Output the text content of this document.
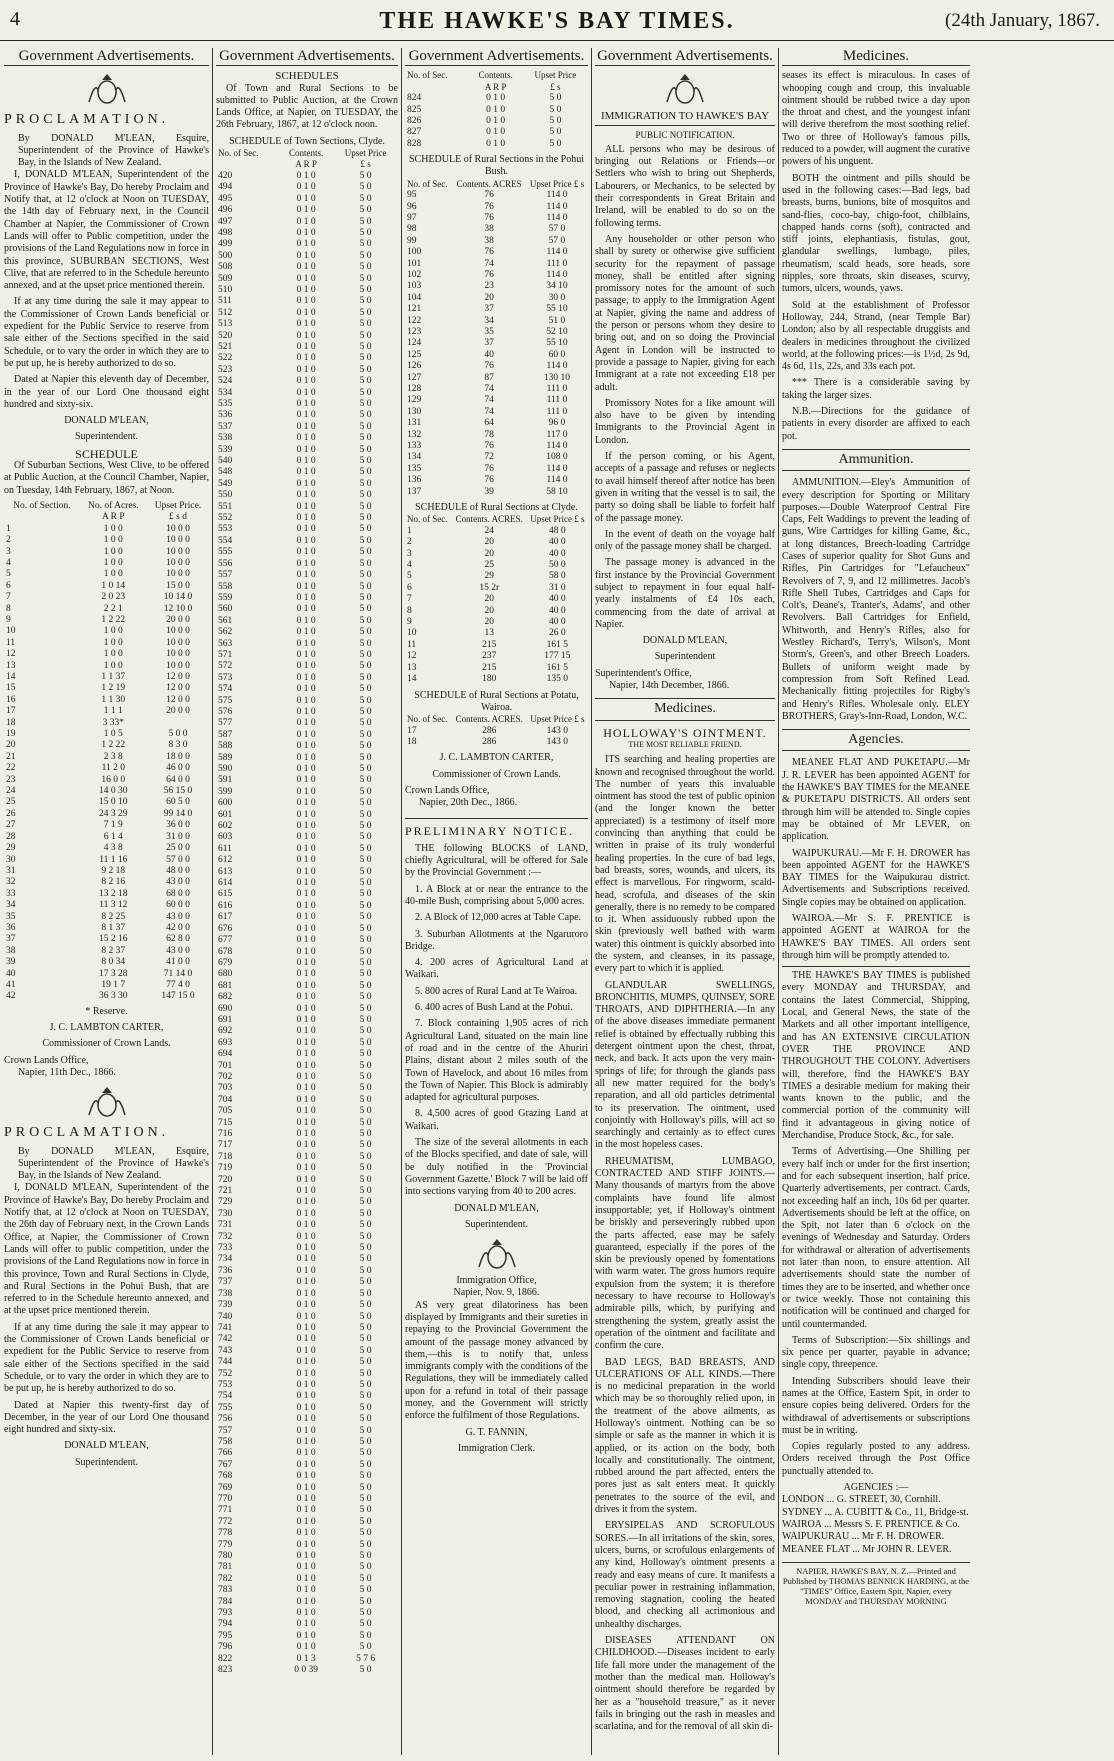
4	THE HAWKE'S BAY TIMES.	(24th January, 1867.
Government Advertisements.
PROCLAMATION.
By DONALD M'LEAN, Esquire, Superintendent of the Province of Hawke's Bay, in the Islands of New Zealand.

I, DONALD M'LEAN, Superintendent of the Province of Hawke's Bay, Do hereby Proclaim and Notify that, at 12 o'clock at Noon on TUESDAY, the 14th day of February next, in the Council Chamber at Napier, the Commissioner of Crown Lands will offer to Public competition, under the provisions of the Land Regulations now in force in this province, SUBURBAN SECTIONS, West Clive, that are referred to in the Schedule hereunto annexed, and at the upset price mentioned therein.

If at any time during the sale it may appear to the Commissioner of Crown Lands beneficial or expedient for the Public Service to reserve from sale either of the Sections specified in the said Schedule, or to vary the order in which they are to be put up, he is hereby authorized to do so.

Dated at Napier this eleventh day of December, in the year of our Lord One thousand eight hundred and sixty-six.

DONALD M'LEAN,
Superintendent.
SCHEDULE

Of Suburban Sections, West Clive, to be offered at Public Auction, at the Council Chamber, Napier, on Tuesday, 14th February, 1867, at Noon.

No. of Section.	No. of Acres.	Upset Price.
	A R P	£ s d
1	1 0 0	10 0 0
2	1 0 0	10 0 0
3	1 0 0	10 0 0
4	1 0 0	10 0 0
5	1 0 0	10 0 0
6	1 0 14	15 0 0
7	2 0 23	10 14 0
8	2 2 1	12 10 0
9	1 2 22	20 0 0
10	1 0 0	10 0 0
11	1 0 0	10 0 0
12	1 0 0	10 0 0
13	1 0 0	10 0 0
14	1 1 37	12 0 0
15	1 2 19	12 0 0
16	1 1 30	12 0 0
17	1 1 1	20 0 0
18	3 33*	
19	1 0 5	5 0 0
20	1 2 22	8 3 0
21	2 3 8	18 0 0
22	11 2 0	46 0 0
23	16 0 0	64 0 0
24	14 0 30	56 15 0
25	15 0 10	60 5 0
26	24 3 29	99 14 0
27	7 1 9	36 0 0
28	6 1 4	31 0 0
29	4 3 8	25 0 0
30	11 1 16	57 0 0
31	9 2 18	48 0 0
32	8 2 16	43 0 0
33	13 2 18	68 0 0
34	11 3 12	60 0 0
35	8 2 25	43 0 0
36	8 1 37	42 0 0
37	15 2 16	62 8 0
38	8 2 37	43 0 0
39	8 0 34	41 0 0
40	17 3 28	71 14 0
41	19 1 7	77 4 0
42	36 3 30	147 15 0
* Reserve.
J. C. LAMBTON CARTER,
Commissioner of Crown Lands.
Crown Lands Office,
Napier, 11th Dec., 1866.
PROCLAMATION.
By DONALD M'LEAN, Esquire, Superintendent of the Province of Hawke's Bay, in the Islands of New Zealand.

I, DONALD M'LEAN, Superintendent of the Province of Hawke's Bay, Do hereby Proclaim and Notify that, at 12 o'clock at Noon on TUESDAY, the 26th day of February next, in the Crown Lands Office, at Napier, the Commissioner of Crown Lands will offer to public competition, under the provisions of the Land Regulations now in force in this province, Town and Rural Sections in Clyde, and Rural Sections in the Pohui Bush, that are referred to in the Schedule hereunto annexed, and at the upset price mentioned therein.

If at any time during the sale it may appear to the Commissioner of Crown Lands beneficial or expedient for the Public Service to reserve from sale either of the Sections specified in the said Schedule, or to vary the order in which they are to be put up, he is hereby authorized to do so.

Dated at Napier this twenty-first day of December, in the year of our Lord One thousand eight hundred and sixty-six.

DONALD M'LEAN,
Superintendent.
Government Advertisements.
SCHEDULES

Of Town and Rural Sections to be submitted to Public Auction, at the Crown Lands Office, at Napier, on TUESDAY, the 26th February, 1867, at 12 o'clock noon.

SCHEDULE of Town Sections, Clyde.
No. of Sec.	Contents.	Upset Price
	A R P	£ s
420	0 1 0	5 0
494	0 1 0	5 0
495	0 1 0	5 0
496	0 1 0	5 0
497	0 1 0	5 0
498	0 1 0	5 0
499	0 1 0	5 0
500	0 1 0	5 0
508	0 1 0	5 0
509	0 1 0	5 0
510	0 1 0	5 0
511	0 1 0	5 0
512	0 1 0	5 0
513	0 1 0	5 0
520	0 1 0	5 0
521	0 1 0	5 0
522	0 1 0	5 0
523	0 1 0	5 0
524	0 1 0	5 0
534	0 1 0	5 0
535	0 1 0	5 0
536	0 1 0	5 0
537	0 1 0	5 0
538	0 1 0	5 0
539	0 1 0	5 0
540	0 1 0	5 0
548	0 1 0	5 0
549	0 1 0	5 0
550	0 1 0	5 0
551	0 1 0	5 0
552	0 1 0	5 0
553	0 1 0	5 0
554	0 1 0	5 0
555	0 1 0	5 0
556	0 1 0	5 0
557	0 1 0	5 0
558	0 1 0	5 0
559	0 1 0	5 0
560	0 1 0	5 0
561	0 1 0	5 0
562	0 1 0	5 0
563	0 1 0	5 0
571	0 1 0	5 0
572	0 1 0	5 0
573	0 1 0	5 0
574	0 1 0	5 0
575	0 1 0	5 0
576	0 1 0	5 0
577	0 1 0	5 0
587	0 1 0	5 0
588	0 1 0	5 0
589	0 1 0	5 0
590	0 1 0	5 0
591	0 1 0	5 0
599	0 1 0	5 0
600	0 1 0	5 0
601	0 1 0	5 0
602	0 1 0	5 0
603	0 1 0	5 0
611	0 1 0	5 0
612	0 1 0	5 0
613	0 1 0	5 0
614	0 1 0	5 0
615	0 1 0	5 0
616	0 1 0	5 0
617	0 1 0	5 0
676	0 1 0	5 0
677	0 1 0	5 0
678	0 1 0	5 0
679	0 1 0	5 0
680	0 1 0	5 0
681	0 1 0	5 0
682	0 1 0	5 0
690	0 1 0	5 0
691	0 1 0	5 0
692	0 1 0	5 0
693	0 1 0	5 0
694	0 1 0	5 0
701	0 1 0	5 0
702	0 1 0	5 0
703	0 1 0	5 0
704	0 1 0	5 0
705	0 1 0	5 0
715	0 1 0	5 0
716	0 1 0	5 0
717	0 1 0	5 0
718	0 1 0	5 0
719	0 1 0	5 0
720	0 1 0	5 0
721	0 1 0	5 0
729	0 1 0	5 0
730	0 1 0	5 0
731	0 1 0	5 0
732	0 1 0	5 0
733	0 1 0	5 0
734	0 1 0	5 0
736	0 1 0	5 0
737	0 1 0	5 0
738	0 1 0	5 0
739	0 1 0	5 0
740	0 1 0	5 0
741	0 1 0	5 0
742	0 1 0	5 0
743	0 1 0	5 0
744	0 1 0	5 0
752	0 1 0	5 0
753	0 1 0	5 0
754	0 1 0	5 0
755	0 1 0	5 0
756	0 1 0	5 0
757	0 1 0	5 0
758	0 1 0	5 0
766	0 1 0	5 0
767	0 1 0	5 0
768	0 1 0	5 0
769	0 1 0	5 0
770	0 1 0	5 0
771	0 1 0	5 0
772	0 1 0	5 0
778	0 1 0	5 0
779	0 1 0	5 0
780	0 1 0	5 0
781	0 1 0	5 0
782	0 1 0	5 0
783	0 1 0	5 0
784	0 1 0	5 0
793	0 1 0	5 0
794	0 1 0	5 0
795	0 1 0	5 0
796	0 1 0	5 0
822	0 1 3	5 7 6
823	0 0 39	5 0
Government Advertisements.
No. of Sec.	Contents.	Upset Price
	A R P	£ s
824	0 1 0	5 0
825	0 1 0	5 0
826	0 1 0	5 0
827	0 1 0	5 0
828	0 1 0	5 0
SCHEDULE of Rural Sections in the Pohui Bush.
No. of Sec.	Contents. ACRES	Upset Price £ s
95	76	114 0
96	76	114 0
97	76	114 0
98	38	57 0
99	38	57 0
100	76	114 0
101	74	111 0
102	76	114 0
103	23	34 10
104	20	30 0
121	37	55 10
122	34	51 0
123	35	52 10
124	37	55 10
125	40	60 0
126	76	114 0
127	87	130 10
128	74	111 0
129	74	111 0
130	74	111 0
131	64	96 0
132	78	117 0
133	76	114 0
134	72	108 0
135	76	114 0
136	76	114 0
137	39	58 10
SCHEDULE of Rural Sections at Clyde.
No. of Sec.	Contents. ACRES.	Upset Price £ s
1	24	48 0
2	20	40 0
3	20	40 0
4	25	50 0
5	29	58 0
6	15 2r	31 0
7	20	40 0
8	20	40 0
9	20	40 0
10	13	26 0
11	215	161 5
12	237	177 15
13	215	161 5
14	180	135 0
SCHEDULE of Rural Sections at Potatu, Wairoa.
No. of Sec.	Contents. ACRES.	Upset Price £ s
17	286	143 0
18	286	143 0
J. C. LAMBTON CARTER,
Commissioner of Crown Lands.
Crown Lands Office,
Napier, 20th Dec., 1866.
PRELIMINARY NOTICE.

THE following BLOCKS of LAND, chiefly Agricultural, will be offered for Sale by the Provincial Government :—

1. A Block at or near the entrance to the 40-mile Bush, comprising about 5,000 acres.

2. A Block of 12,000 acres at Table Cape.

3. Suburban Allotments at the Ngaruroro Bridge.

4. 200 acres of Agricultural Land at Waikari.

5. 800 acres of Rural Land at Te Wairoa.

6. 400 acres of Bush Land at the Pohui.

7. Block containing 1,905 acres of rich Agricultural Land, situated on the main line of road and in the centre of the Ahuriri Plains, distant about 2 miles south of the Town of Havelock, and about 16 miles from the Town of Napier. This Block is admirably adapted for agricultural purposes.

8. 4,500 acres of good Grazing Land at Waikari.

The size of the several allotments in each of the Blocks specified, and date of sale, will be duly notified in the 'Provincial Government Gazette.' Block 7 will be laid off into sections varying from 40 to 200 acres.

DONALD M'LEAN,
Superintendent.
Immigration Office,
Napier, Nov. 9, 1866.

AS very great dilatoriness has been displayed by Immigrants and their sureties in repaying to the Provincial Government the amount of the passage money advanced by them,—this is to notify that, unless immigrants comply with the conditions of the Regulations, they will be immediately called upon for a refund in total of their passage money, and the Government will strictly enforce the fulfilment of those Regulations.

G. T. FANNIN,
Immigration Clerk.
Government Advertisements.
IMMIGRATION TO HAWKE'S BAY
PUBLIC NOTIFICATION.

ALL persons who may be desirous of bringing out Relations or Friends—or Settlers who wish to bring out Shepherds, Labourers, or Mechanics, to be selected by their correspondents in Great Britain and Ireland, will be enabled to do so on the following terms.

Any householder or other person who shall by surety or otherwise give sufficient security for the repayment of passage money, shall be entitled after signing promissory notes for the amount of such passage, to apply to the Immigration Agent at Napier, giving the name and address of the person or persons whom they desire to bring out, and on so doing the Provincial Agent in London will be instructed to provide a passage to Napier, giving for each Immigrant at a rate not exceeding £18 per adult.

Promissory Notes for a like amount will also have to be given by intending Immigrants to the Provincial Agent in London.

If the person coming, or his Agent, accepts of a passage and refuses or neglects to avail himself thereof after notice has been given in writing that the vessel is to sail, the party so doing shall be liable to forfeit half of the passage money.

In the event of death on the voyage half only of the passage money shall be charged.

The passage money is advanced in the first instance by the Provincial Government subject to repayment in four equal half-yearly instalments of £4 10s each, commencing from the date of arrival at Napier.

DONALD M'LEAN,
Superintendent
Superintendent's Office,
Napier, 14th December, 1866.
Medicines.
HOLLOWAY'S OINTMENT.
THE MOST RELIABLE FRIEND.

ITS searching and healing properties are known and recognised throughout the world. The number of years this invaluable ointment has stood the test of public opinion (and the longer known the better appreciated) is a testimony of itself more convincing than anything that could be written in praise of its truly wonderful healing properties. In the cure of bad legs, bad breasts, sores, wounds, and ulcers, its effect is marvellous. For ringworm, scald-head, scrofula, and diseases of the skin generally, there is no remedy to be compared to it. When assiduously rubbed upon the skin (previously well bathed with warm water) this ointment is quickly absorbed into the system, and cleanses, in its passage, every part to which it is applied.

GLANDULAR SWELLINGS, BRONCHITIS, MUMPS, QUINSEY, SORE THROATS, AND DIPHTHERIA.—In any of the above diseases immediate permanent relief is obtained by effectually rubbing this detergent ointment upon the chest, throat, neck, and back. It acts upon the very main-springs of life; for through the glands pass all new matter required for the body's reparation, and all old particles detrimental to its preservation. The ointment, used conjointly with Holloway's pills, will act so searchingly and certainly as to effect cures in the most hopeless cases.

RHEUMATISM, LUMBAGO, CONTRACTED AND STIFF JOINTS.—Many thousands of martyrs from the above complaints have found life almost insupportable; yet, if Holloway's ointment be briskly and perseveringly rubbed upon the parts affected, ease may be safely guaranteed, especially if the pores of the skin be previously opened by fomentations with warm water. The gross humors require expulsion from the system; it is therefore necessary to have recourse to Holloway's admirable pills, which, by purifying and strengthening the system, greatly assist the operation of the ointment and facilitate and confirm the cure.

BAD LEGS, BAD BREASTS, AND ULCERATIONS OF ALL KINDS.—There is no medicinal preparation in the world which may be so thoroughly relied upon, in the treatment of the above ailments, as Holloway's ointment. Nothing can be so simple or safe as the manner in which it is applied, or its action on the body, both locally and constitutionally. The ointment, rubbed around the part affected, enters the pores just as salt enters meat. It quickly penetrates to the source of the evil, and drives it from the system.

ERYSIPELAS AND SCROFULOUS SORES.—In all irritations of the skin, sores, ulcers, burns, or scrofulous enlargements of any kind, Holloway's ointment presents a ready and easy means of cure. It manifests a peculiar power in restraining inflammation, removing stagnation, cooling the heated blood, and checking all acrimonious and unhealthy discharges.

DISEASES ATTENDANT ON CHILDHOOD.—Diseases incident to early life fall more under the management of the mother than the medical man. Holloway's ointment should therefore be regarded by her as a "household treasure," as it never fails in bringing out the rash in measles and scarlatina, and for the removal of all skin di-

Medicines.

seases its effect is miraculous. In cases of whooping cough and croup, this invaluable ointment should be rubbed twice a day upon the throat and chest, and the youngest infant will derive therefrom the most soothing relief. Two or three of Holloway's famous pills, reduced to a powder, will augment the curative powers of his unguent.

BOTH the ointment and pills should be used in the following cases:—Bad legs, bad breasts, burns, bunions, bite of mosquitos and sand-flies, coco-bay, chigo-foot, chilblains, chapped hands corns (soft), contracted and stiff joints, elephantiasis, fistulas, gout, glandular swellings, lumbago, piles, rheumatism, scald heads, sore heads, sore nipples, sore throats, skin diseases, scurvy, tumors, ulcers, wounds, yaws.

Sold at the establishment of Professor Holloway, 244, Strand, (near Temple Bar) London; also by all respectable druggists and dealers in medicines throughout the civilized world, at the following prices:—is 1½d, 2s 9d, 4s 6d, 11s, 22s, and 33s each pot.

*** There is a considerable saving by taking the larger sizes.

N.B.—Directions for the guidance of patients in every disorder are affixed to each pot.

Ammunition.

AMMUNITION.—Eley's Ammunition of every description for Sporting or Military purposes.—Double Waterproof Central Fire Caps, Felt Waddings to prevent the leading of guns, Wire Cartridges for killing Game, &c., at long distances, Breech-loading Cartridge Cases of superior quality for Shot Guns and Rifles, Pin Cartridges for "Lefaucheux" Revolvers of 7, 9, and 12 millimetres. Jacob's Rifle Shell Tubes, Cartridges and Caps for Colt's, Deane's, Tranter's, Adams', and other Revolvers. Ball Cartridges for Enfield, Whitworth, and Henry's Rifles, also for Westley Richard's, Terry's, Wilson's, Mont Storm's, Green's, and other Breech Loaders. Bullets of uniform weight made by compression from Soft Refined Lead. Mechanically fitting projectiles for Rigby's and Henry's Rifles. Wholesale only. ELEY BROTHERS, Gray's-Inn-Road, London, W.C.

Agencies.

MEANEE FLAT AND PUKETAPU.—Mr J. R. LEVER has been appointed AGENT for the HAWKE'S BAY TIMES for the MEANEE & PUKETAPU DISTRICTS. All orders sent through him will be attended to. Single copies may be obtained of Mr LEVER, on application.

WAIPUKURAU.—Mr F. H. DROWER has been appointed AGENT for the HAWKE'S BAY TIMES for the Waipukurau district. Advertisements and Subscriptions received. Single copies may be obtained on application.

WAIROA.—Mr S. F. PRENTICE is appointed AGENT at WAIROA for the HAWKE'S BAY TIMES. All orders sent through him will be promptly attended to.

THE HAWKE'S BAY TIMES is published every MONDAY and THURSDAY, and contains the latest Commercial, Shipping, Local, and General News, the state of the Markets and all other important intelligence, and has AN EXTENSIVE CIRCULATION OVER THE PROVINCE AND THROUGHOUT THE COLONY. Advertisers will, therefore, find the HAWKE'S BAY TIMES a desirable medium for making their wants known to the public, and the commercial portion of the community will find it advantageous in giving notice of Merchandise, Produce Stock, &c., for sale.

Terms of Advertising.—One Shilling per every half inch or under for the first insertion; and for each subsequent insertion, half price. Quarterly advertisements, per contract. Cards, not exceeding half an inch, 10s 6d per quarter. Advertisements should be left at the office, on the Spit, not later than 6 o'clock on the evenings of Wednesday and Saturday. Orders for withdrawal or alteration of advertisements not later than noon, to ensure attention. All advertisements should state the number of times they are to be inserted, and whether once or twice weekly. Those not containing this notification will be continued and charged for until countermanded.

Terms of Subscription:—Six shillings and six pence per quarter, payable in advance; single copy, threepence.

Intending Subscribers should leave their names at the Office, Eastern Spit, in order to ensure copies being delivered. Orders for the withdrawal of advertisements or subscriptions must be in writing.

Copies regularly posted to any address. Orders received through the Post Office punctually attended to.

AGENCIES :—
LONDON ... G. STREET, 30, Cornhill.
SYDNEY ... A. CUBITT & Co., 11, Bridge-st.
WAIROA ... Messrs S. F. PRENTICE & Co.
WAIPUKURAU ... Mr F. H. DROWER.
MEANEE FLAT ... Mr JOHN R. LEVER.
NAPIER, HAWKE'S BAY, N. Z.—Printed and Published by THOMAS BENNICK HARDING, at the "TIMES" Office, Eastern Spit, Napier, every MONDAY and THURSDAY MORNING
